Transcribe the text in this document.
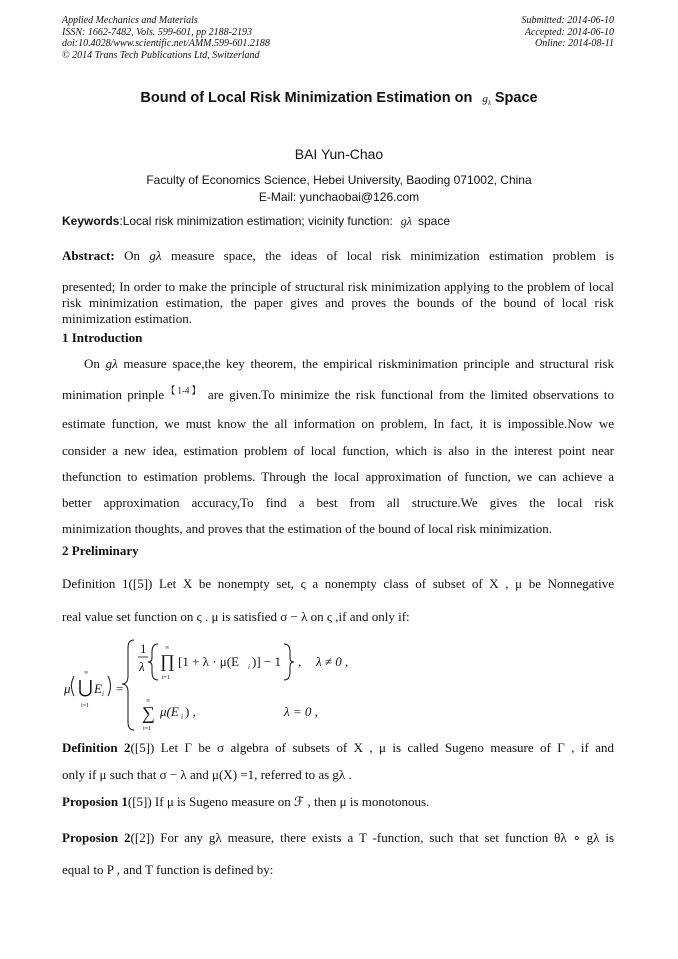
Applied Mechanics and Materials
ISSN: 1662-7482, Vols. 599-601, pp 2188-2193
doi:10.4028/www.scientific.net/AMM.599-601.2188
© 2014 Trans Tech Publications Ltd, Switzerland
Submitted: 2014-06-10
Accepted: 2014-06-10
Online: 2014-08-11
Bound of Local Risk Minimization Estimation on $g_\lambda$ Space
BAI Yun-Chao
Faculty of Economics Science, Hebei University, Baoding 071002, China
E-Mail: yunchaobai@126.com
Keywords:Local risk minimization estimation; vicinity function: gλ space
Abstract: On gλ measure space, the ideas of local risk minimization estimation problem is
presented; In order to make the principle of structural risk minimization applying to the problem of local risk minimization estimation, the paper gives and proves the bounds of the bound of local risk minimization estimation.
1 Introduction
On gλ measure space,the key theorem, the empirical riskminimation principle and structural risk
minimation prinple$^{【1-4】}$ are given.To minimize the risk functional from the limited observations to
estimate function, we must know the all information on problem, In fact, it is impossible.Now we
consider a new idea, estimation problem of local function, which is also in the interest point near
thefunction to estimation problems. Through the local approximation of function, we can achieve a
better approximation accuracy,To find a best from all structure.We gives the local risk
minimization thoughts, and proves that the estimation of the bound of local risk minimization.
2 Preliminary
Definition 1([5]) Let X be nonempty set, ς a nonempty class of subset of X , μ be Nonnegative
real value set function on ς . μ is satisfied σ − λ on ς ,if and only if:
μ ⋃
∞
i=1
E i =
1
λ ∏
∞
i=1
[1 + λ · μ(E i )] − 1 , λ ≠ 0 ,
∑
∞
i=1
μ(E i ) ,	λ = 0 ,
Definition 2([5]) Let Γ be σ algebra of subsets of X , μ is called Sugeno measure of Γ , if and
only if μ such that σ − λ and μ(X) =1, referred to as gλ .
Proposion 1([5]) If μ is Sugeno measure on ℱ , then μ is monotonous.
Proposion 2([2]) For any gλ measure, there exists a T -function, such that set function θλ ∘ gλ is
equal to P , and T function is defined by:
